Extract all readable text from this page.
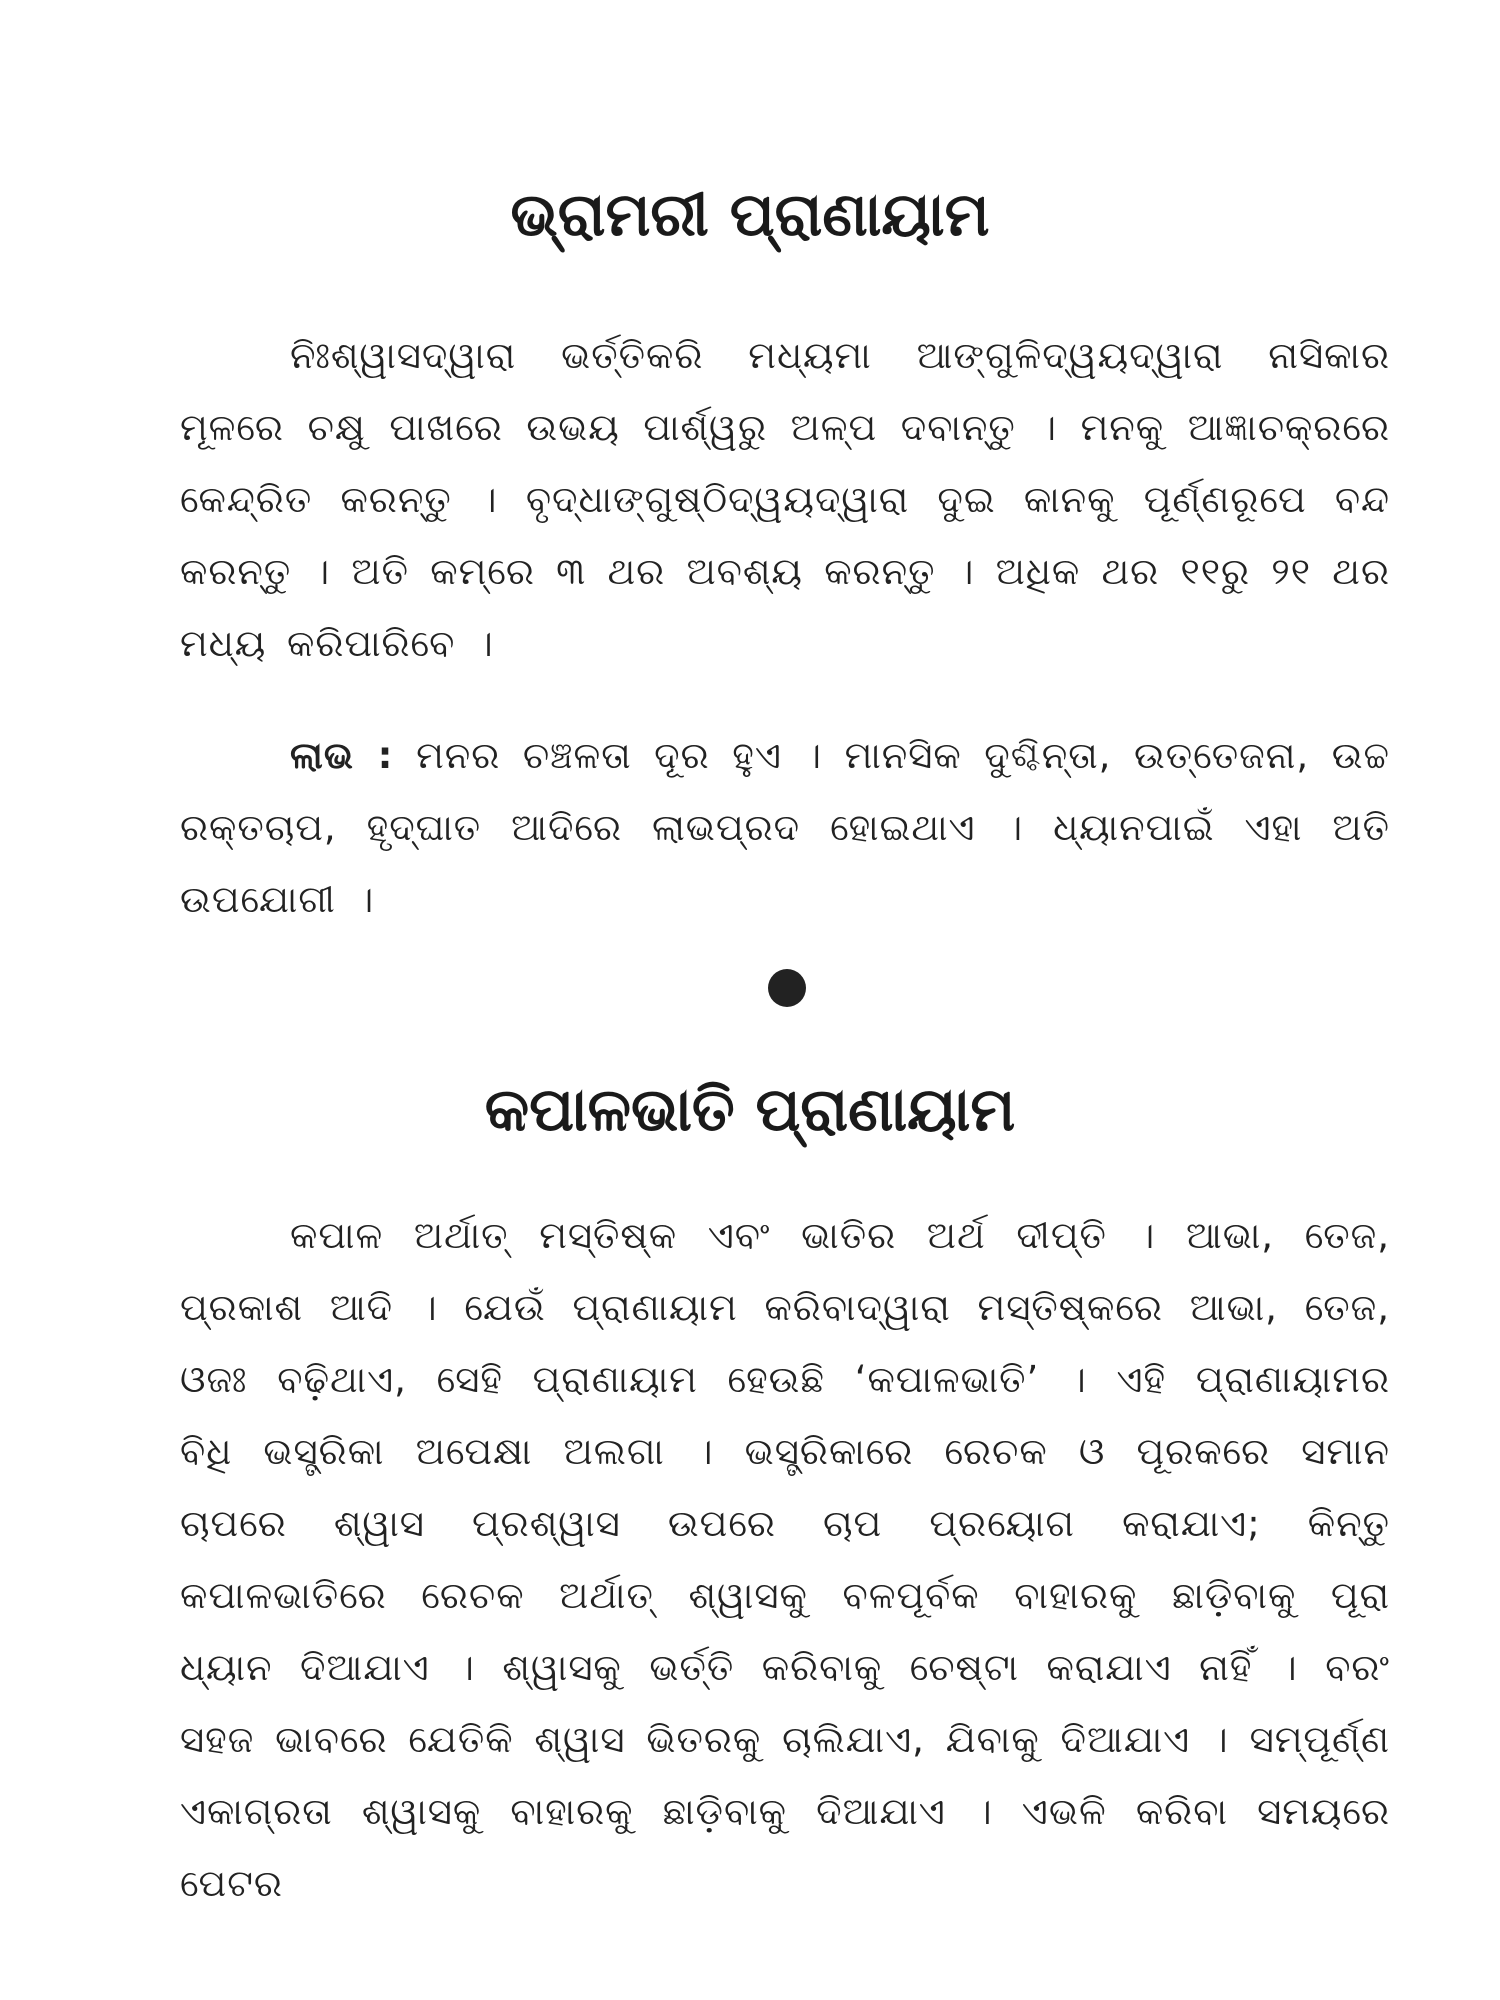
ଭ୍ରାମରୀ ପ୍ରାଣାୟାମ

ନିଃଶ୍ୱାସଦ୍ୱାରା ଭର୍ତ୍ତିକରି ମଧ୍ୟମା ଆଙ୍ଗୁଳିଦ୍ୱୟଦ୍ୱାରା ନାସିକାର ମୂଳରେ ଚକ୍ଷୁ ପାଖରେ ଉଭୟ ପାର୍ଶ୍ୱରୁ ଅଳ୍ପ ଦବାନ୍ତୁ । ମନକୁ ଆଜ୍ଞାଚକ୍ରରେ କେନ୍ଦ୍ରିତ କରନ୍ତୁ । ବୃଦ୍ଧାଙ୍ଗୁଷ୍ଠିଦ୍ୱୟଦ୍ୱାରା ଦୁଇ କାନକୁ ପୂର୍ଣ୍ଣରୂପେ ବନ୍ଦ କରନ୍ତୁ । ଅତି କମ୍‌ରେ ୩ ଥର ଅବଶ୍ୟ କରନ୍ତୁ । ଅଧିକ ଥର ୧୧ରୁ ୨୧ ଥର ମଧ୍ୟ କରିପାରିବେ ।

ଲାଭ : ମନର ଚଞ୍ଚଳତା ଦୂର ହୁଏ । ମାନସିକ ଦୁଶ୍ଚିନ୍ତା, ଉତ୍ତେଜନା, ଉଚ୍ଚ ରକ୍ତଚାପ, ହୃଦ୍‌ଘାତ ଆଦିରେ ଲାଭପ୍ରଦ ହୋଇଥାଏ । ଧ୍ୟାନପାଇଁ ଏହା ଅତି ଉପଯୋଗୀ ।

କପାଳଭାତି ପ୍ରାଣାୟାମ

କପାଳ ଅର୍ଥାତ୍ ମସ୍ତିଷ୍କ ଏବଂ ଭାତିର ଅର୍ଥ ଦୀପ୍ତି । ଆଭା, ତେଜ, ପ୍ରକାଶ ଆଦି । ଯେଉଁ ପ୍ରାଣାୟାମ କରିବାଦ୍ୱାରା ମସ୍ତିଷ୍କରେ ଆଭା, ତେଜ, ଓଜଃ ବଢ଼ିଥାଏ, ସେହି ପ୍ରାଣାୟାମ ହେଉଛି ‘କପାଳଭାତି’ । ଏହି ପ୍ରାଣାୟାମର ବିଧି ଭସ୍ତ୍ରିକା ଅପେକ୍ଷା ଅଲଗା । ଭସ୍ତ୍ରିକାରେ ରେଚକ ଓ ପୂରକରେ ସମାନ ଚାପରେ ଶ୍ୱାସ ପ୍ରଶ୍ୱାସ ଉପରେ ଚାପ ପ୍ରୟୋଗ କରାଯାଏ; କିନ୍ତୁ କପାଳଭାତିରେ ରେଚକ ଅର୍ଥାତ୍ ଶ୍ୱାସକୁ ବଳପୂର୍ବକ ବାହାରକୁ ଛାଡ଼ିବାକୁ ପୂରା ଧ୍ୟାନ ଦିଆଯାଏ । ଶ୍ୱାସକୁ ଭର୍ତ୍ତି କରିବାକୁ ଚେଷ୍ଟା କରାଯାଏ ନାହିଁ । ବରଂ ସହଜ ଭାବରେ ଯେତିକି ଶ୍ୱାସ ଭିତରକୁ ଚାଲିଯାଏ, ଯିବାକୁ ଦିଆଯାଏ । ସମ୍ପୂର୍ଣ୍ଣ ଏକାଗ୍ରତା ଶ୍ୱାସକୁ ବାହାରକୁ ଛାଡ଼ିବାକୁ ଦିଆଯାଏ । ଏଭଳି କରିବା ସମୟରେ ପେଟର
